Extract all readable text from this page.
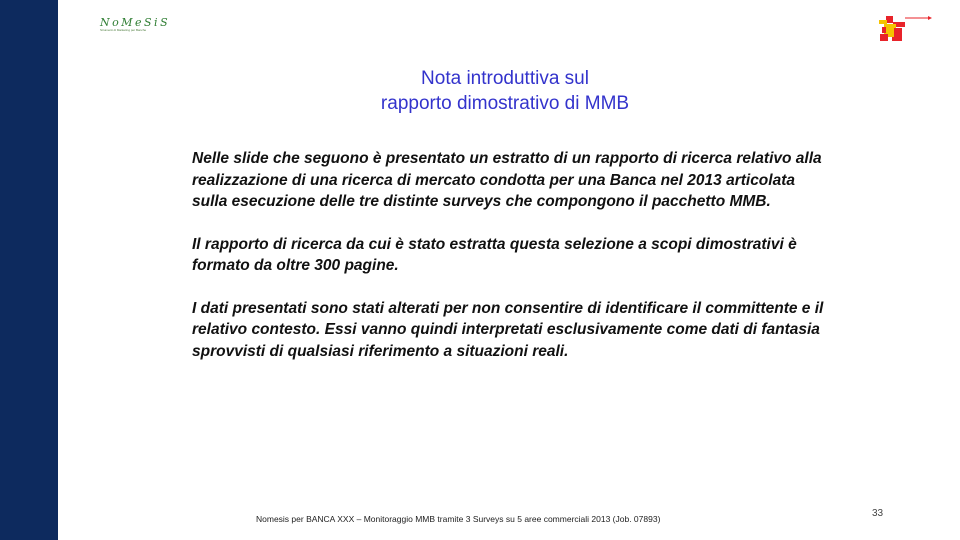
NoMeSiS
Strumenti di Marketing per Banche
Nota introduttiva sul
rapporto dimostrativo di MMB

Nelle slide che seguono è presentato un estratto di un rapporto di ricerca relativo alla realizzazione di una ricerca di mercato condotta per una Banca nel 2013 articolata sulla esecuzione delle tre distinte surveys che compongono il pacchetto MMB.

Il rapporto di ricerca da cui è stato estratta questa selezione a scopi dimostrativi è formato da oltre 300 pagine.

I dati presentati sono stati alterati per non consentire di identificare il committente e il relativo contesto. Essi vanno quindi interpretati esclusivamente come dati di fantasia sprovvisti di qualsiasi riferimento a situazioni reali.

Nomesis per BANCA XXX – Monitoraggio MMB tramite 3 Surveys su 5 aree commerciali 2013 (Job. 07893)	33
